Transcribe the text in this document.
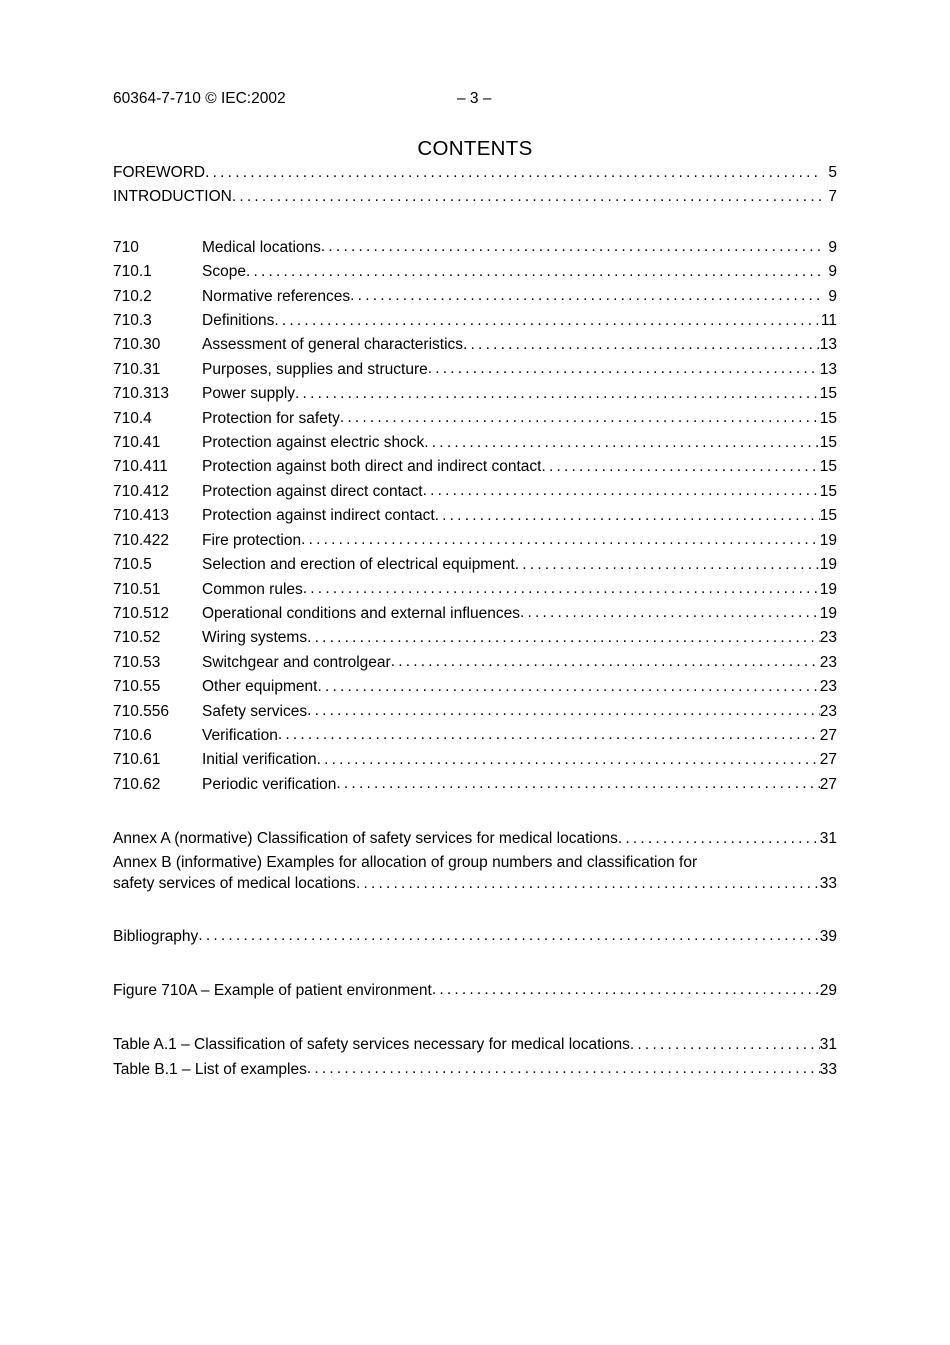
60364-7-710 © IEC:2002	– 3 –
CONTENTS
FOREWORD . . .	5
INTRODUCTION . . .	7
710	Medical locations . . .	9
710.1	Scope . . .	9
710.2	Normative references . . .	9
710.3	Definitions . . .	11
710.30	Assessment of general characteristics . . .	13
710.31	Purposes, supplies and structure . . .	13
710.313	Power supply . . .	15
710.4	Protection for safety . . .	15
710.41	Protection against electric shock . . .	15
710.411	Protection against both direct and indirect contact . . .	15
710.412	Protection against direct contact . . .	15
710.413	Protection against indirect contact . . .	15
710.422	Fire protection . . .	19
710.5	Selection and erection of electrical equipment . . .	19
710.51	Common rules . . .	19
710.512	Operational conditions and external influences . . .	19
710.52	Wiring systems . . .	23
710.53	Switchgear and controlgear . . .	23
710.55	Other equipment . . .	23
710.556	Safety services . . .	23
710.6	Verification . . .	27
710.61	Initial verification . . .	27
710.62	Periodic verification . . .	27
Annex A (normative) Classification of safety services for medical locations . . .	31
Annex B (informative) Examples for allocation of group numbers and classification for
safety services of medical locations . . .	33
Bibliography . . .	39
Figure 710A – Example of patient environment . . .	29
Table A.1 – Classification of safety services necessary for medical locations . . .	31
Table B.1 – List of examples . . .	33
